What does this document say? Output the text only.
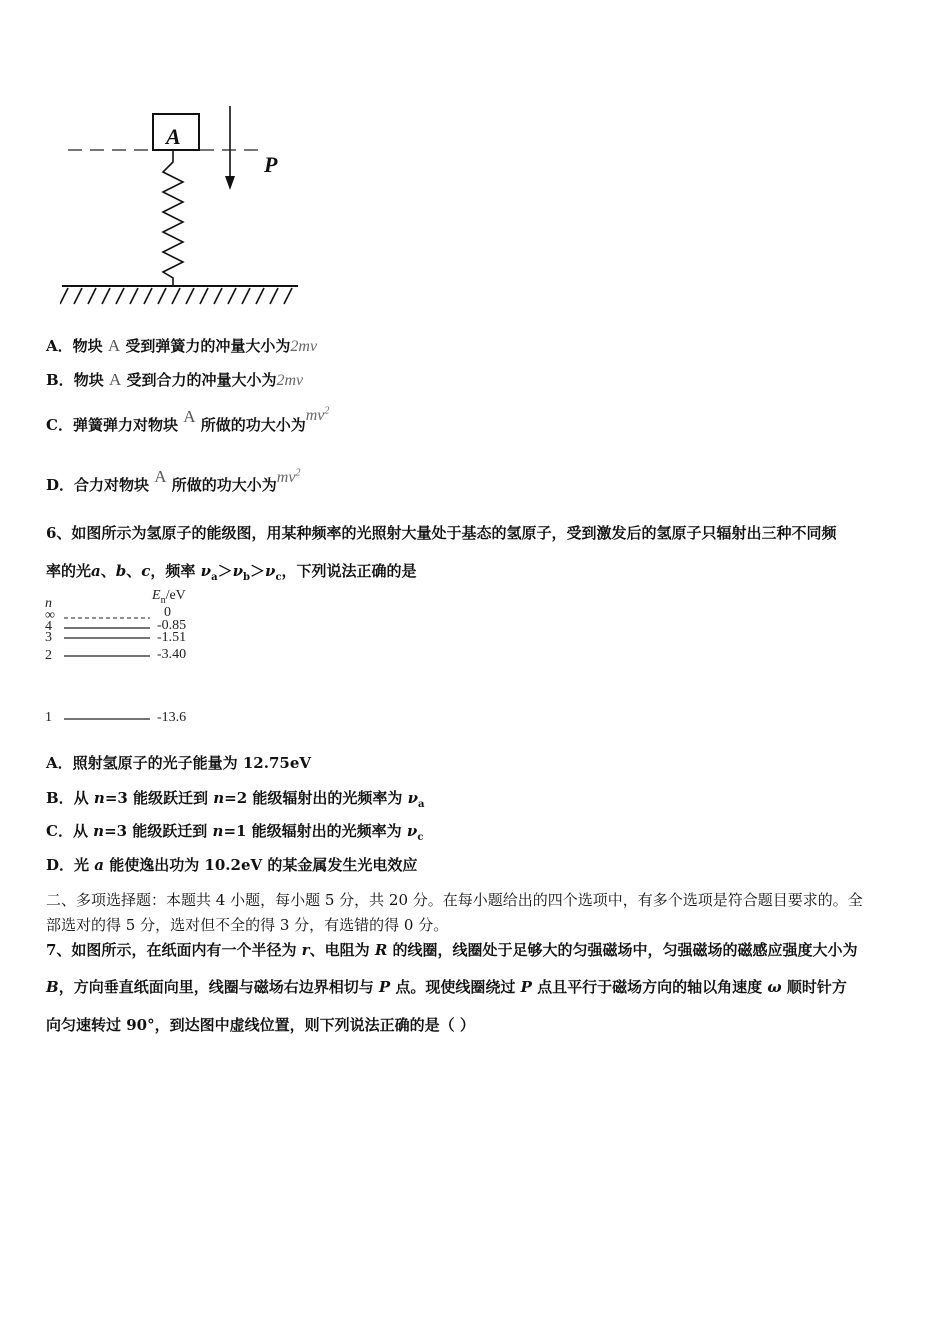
A
P
A．物块 A 受到弹簧力的冲量大小为2mv
B．物块 A 受到合力的冲量大小为2mv
C．弹簧弹力对物块 A 所做的功大小为$mv^2$
D．合力对物块 A 所做的功大小为$mv^2$
6、如图所示为氢原子的能级图，用某种频率的光照射大量处于基态的氢原子，受到激发后的氢原子只辐射出三种不同频
率的光a、b、c，频率 $\nu_a>\nu_b>\nu_c$，下列说法正确的是
n
$E_n/eV$
∞	0
4	-0.85
3	-1.51
2	-3.40
1	-13.6
A．照射氢原子的光子能量为 12.75eV
B．从 n=3 能级跃迁到 n=2 能级辐射出的光频率为 $\nu_a$
C．从 n=3 能级跃迁到 n=1 能级辐射出的光频率为 $\nu_c$
D．光 a 能使逸出功为 10.2eV 的某金属发生光电效应
二、多项选择题：本题共 4 小题，每小题 5 分，共 20 分。在每小题给出的四个选项中，有多个选项是符合题目要求的。全
部选对的得 5 分，选对但不全的得 3 分，有选错的得 0 分。
7、如图所示，在纸面内有一个半径为 r、电阻为 R 的线圈，线圈处于足够大的匀强磁场中，匀强磁场的磁感应强度大小为
B，方向垂直纸面向里，线圈与磁场右边界相切与 P 点。现使线圈绕过 P 点且平行于磁场方向的轴以角速度 ω 顺时针方
向匀速转过 90°，到达图中虚线位置，则下列说法正确的是（ ）
